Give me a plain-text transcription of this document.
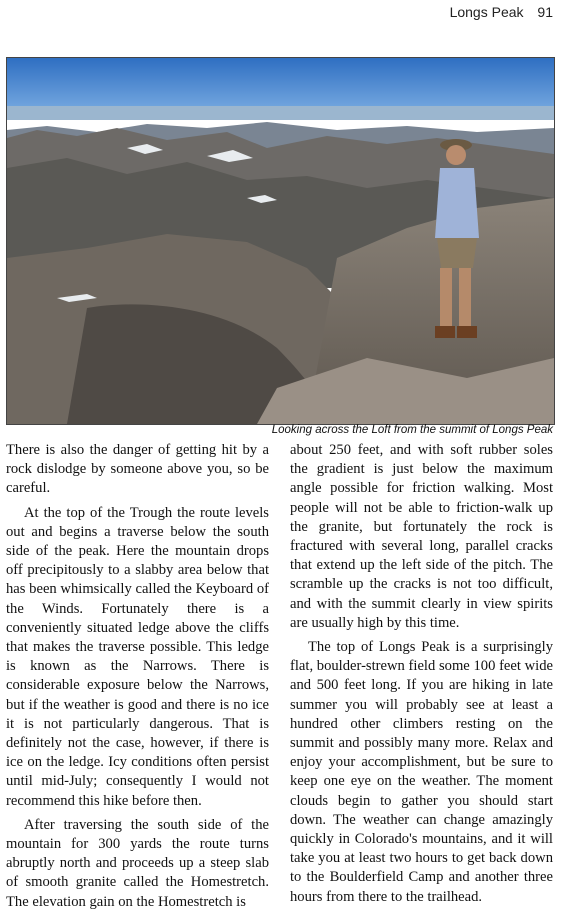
Longs Peak 91
Looking across the Loft from the summit of Longs Peak

There is also the danger of getting hit by a rock dislodge by someone above you, so be careful.

At the top of the Trough the route levels out and begins a traverse below the south side of the peak. Here the mountain drops off precipitously to a slabby area below that has been whimsically called the Keyboard of the Winds. Fortunately there is a conveniently situated ledge above the cliffs that makes the traverse possible. This ledge is known as the Narrows. There is considerable exposure below the Narrows, but if the weather is good and there is no ice it is not particularly dangerous. That is definitely not the case, however, if there is ice on the ledge. Icy conditions often persist until mid-July; consequently I would not recommend this hike before then.

After traversing the south side of the mountain for 300 yards the route turns abruptly north and proceeds up a steep slab of smooth granite called the Homestretch. The elevation gain on the Homestretch is

about 250 feet, and with soft rubber soles the gradient is just below the maximum angle possible for friction walking. Most people will not be able to friction-walk up the granite, but fortunately the rock is fractured with several long, parallel cracks that extend up the left side of the pitch. The scramble up the cracks is not too difficult, and with the summit clearly in view spirits are usually high by this time.

The top of Longs Peak is a surprisingly flat, boulder-strewn field some 100 feet wide and 500 feet long. If you are hiking in late summer you will probably see at least a hundred other climbers resting on the summit and possibly many more. Relax and enjoy your accomplishment, but be sure to keep one eye on the weather. The moment clouds begin to gather you should start down. The weather can change amazingly quickly in Colorado's mountains, and it will take you at least two hours to get back down to the Boulderfield Camp and another three hours from there to the trailhead.
